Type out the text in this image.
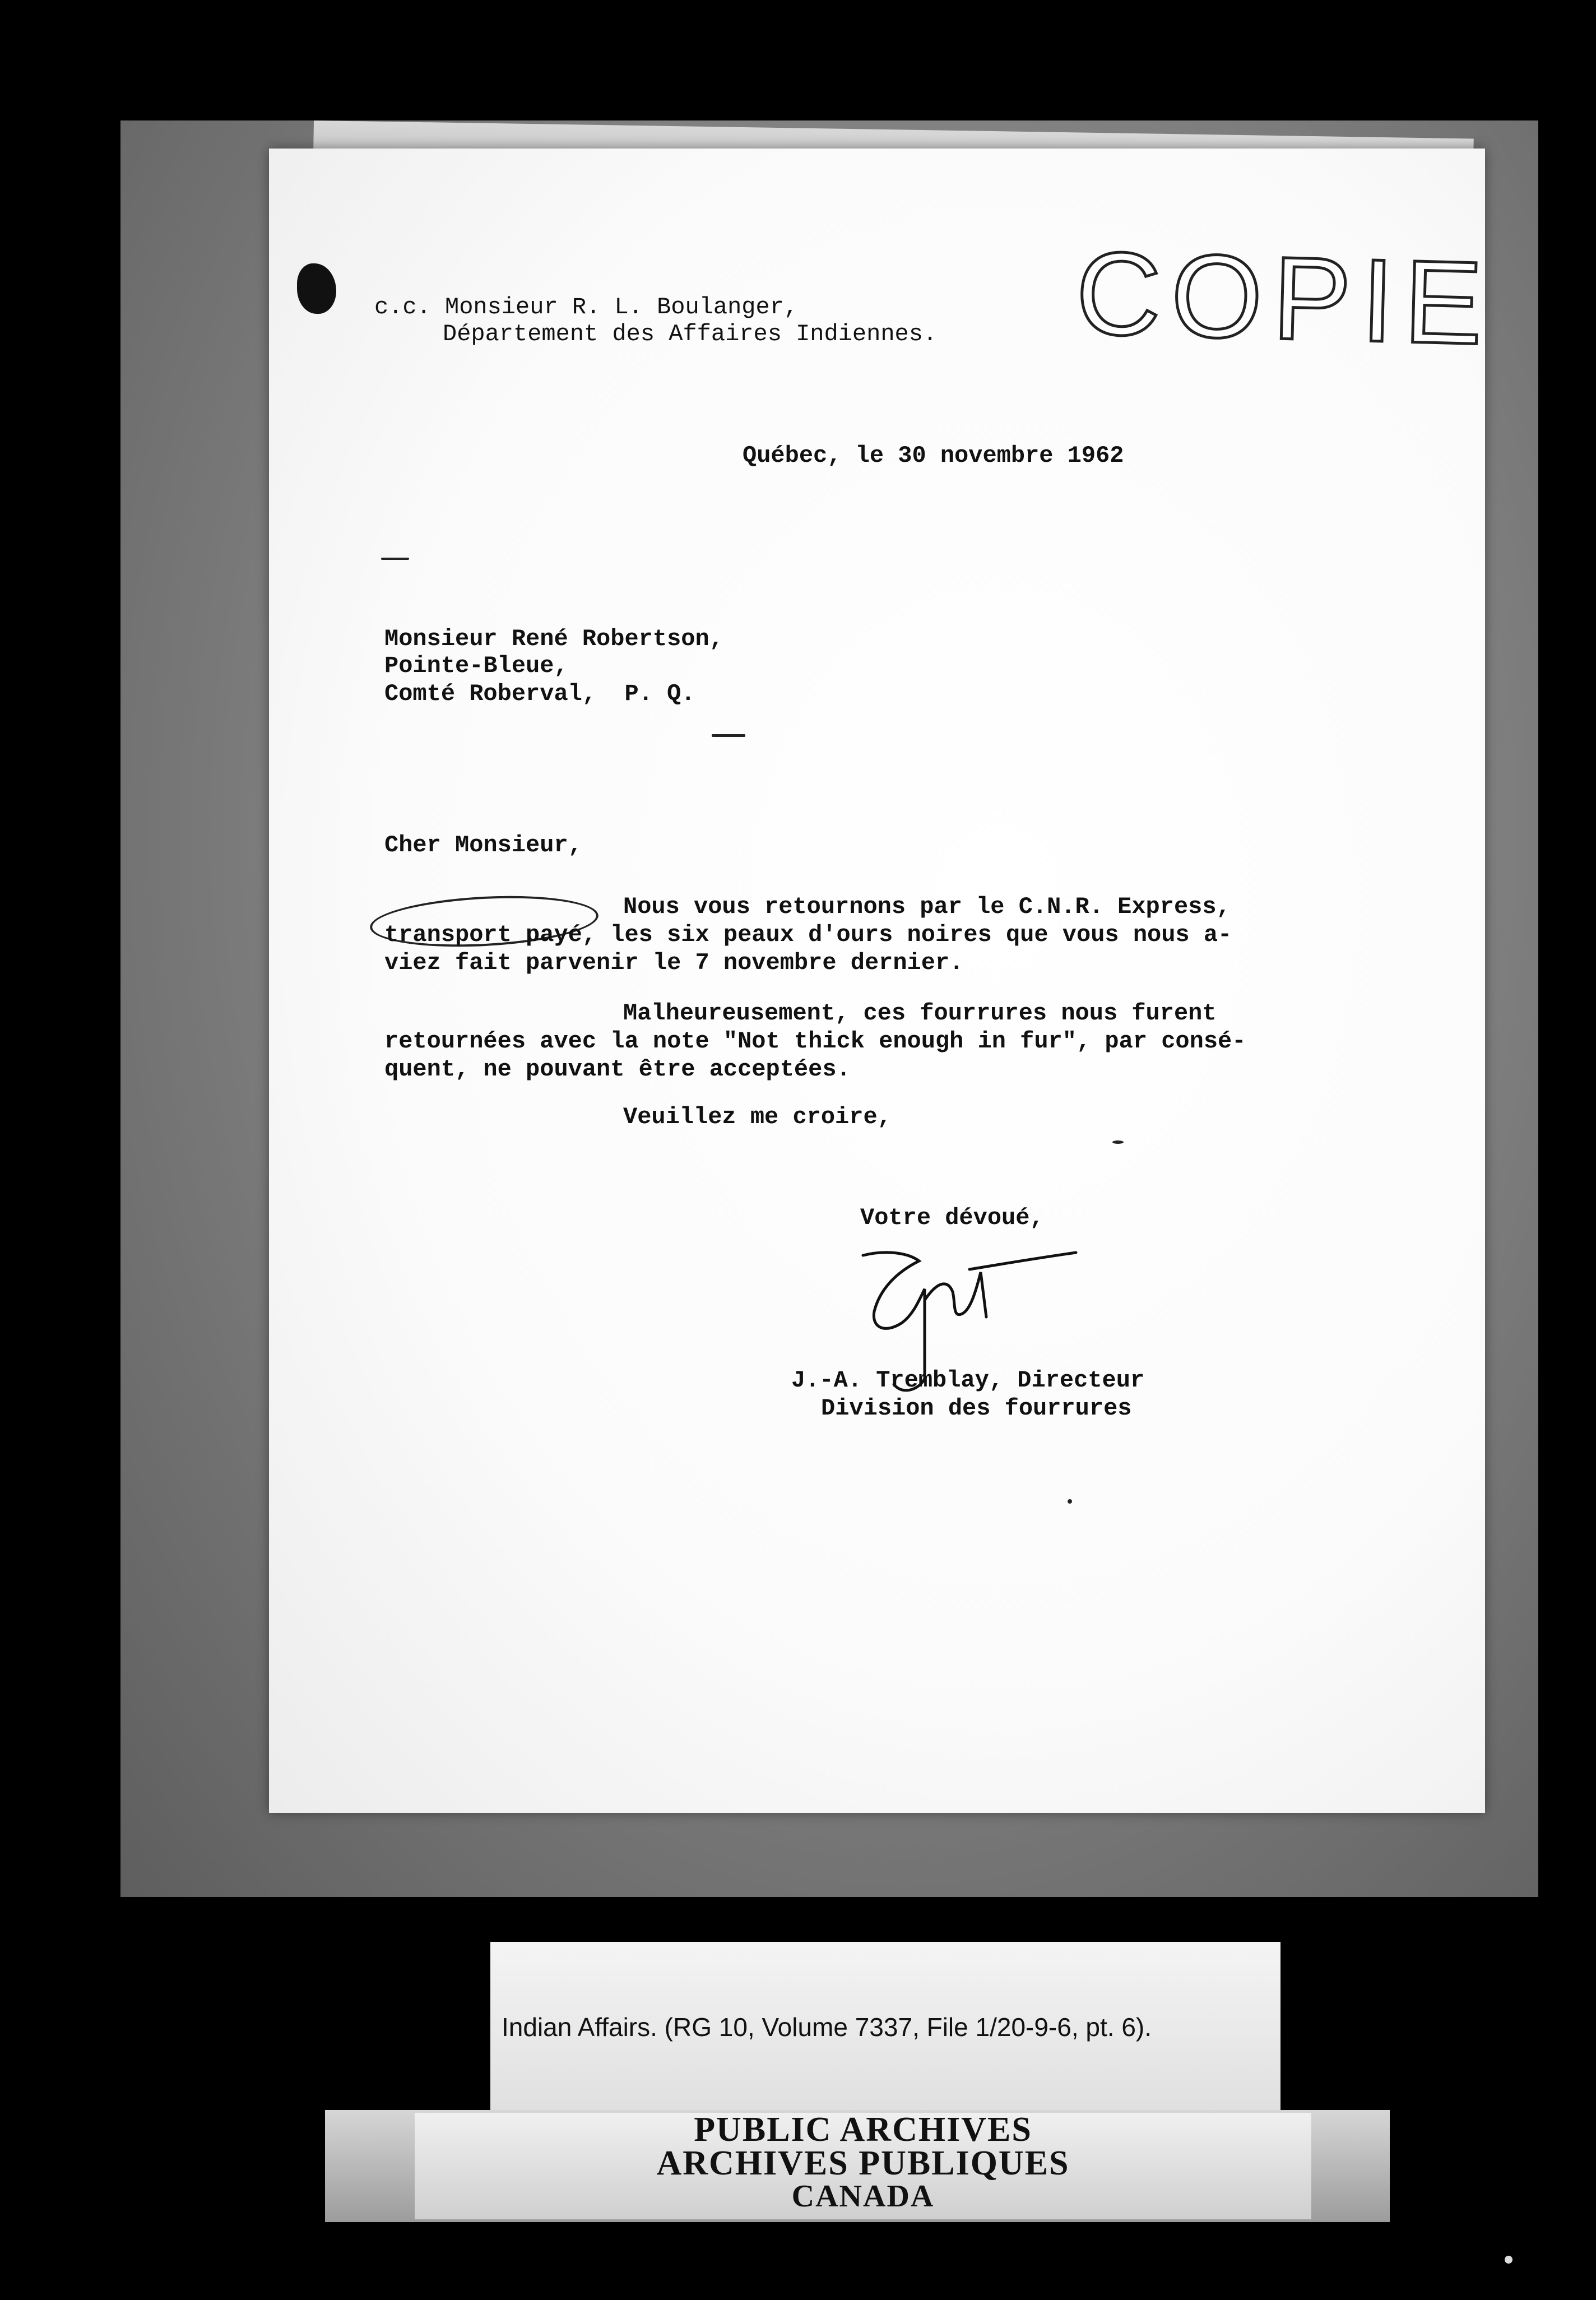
COPIE
c.c. Monsieur R. L. Boulanger,
Département des Affaires Indiennes.
Québec, le 30 novembre 1962
Monsieur René Robertson,
Pointe-Bleue,
Comté Roberval,  P. Q.
Cher Monsieur,
Nous vous retournons par le C.N.R. Express,
transport payé, les six peaux d'ours noires que vous nous a-
viez fait parvenir le 7 novembre dernier.
Malheureusement, ces fourrures nous furent
retournées avec la note "Not thick enough in fur", par consé-
quent, ne pouvant être acceptées.
Veuillez me croire,
Votre dévoué,
J.-A. Tremblay, Directeur
Division des fourrures
Indian Affairs. (RG 10, Volume 7337, File 1/20-9-6, pt. 6).
PUBLIC ARCHIVES
ARCHIVES PUBLIQUES
CANADA
